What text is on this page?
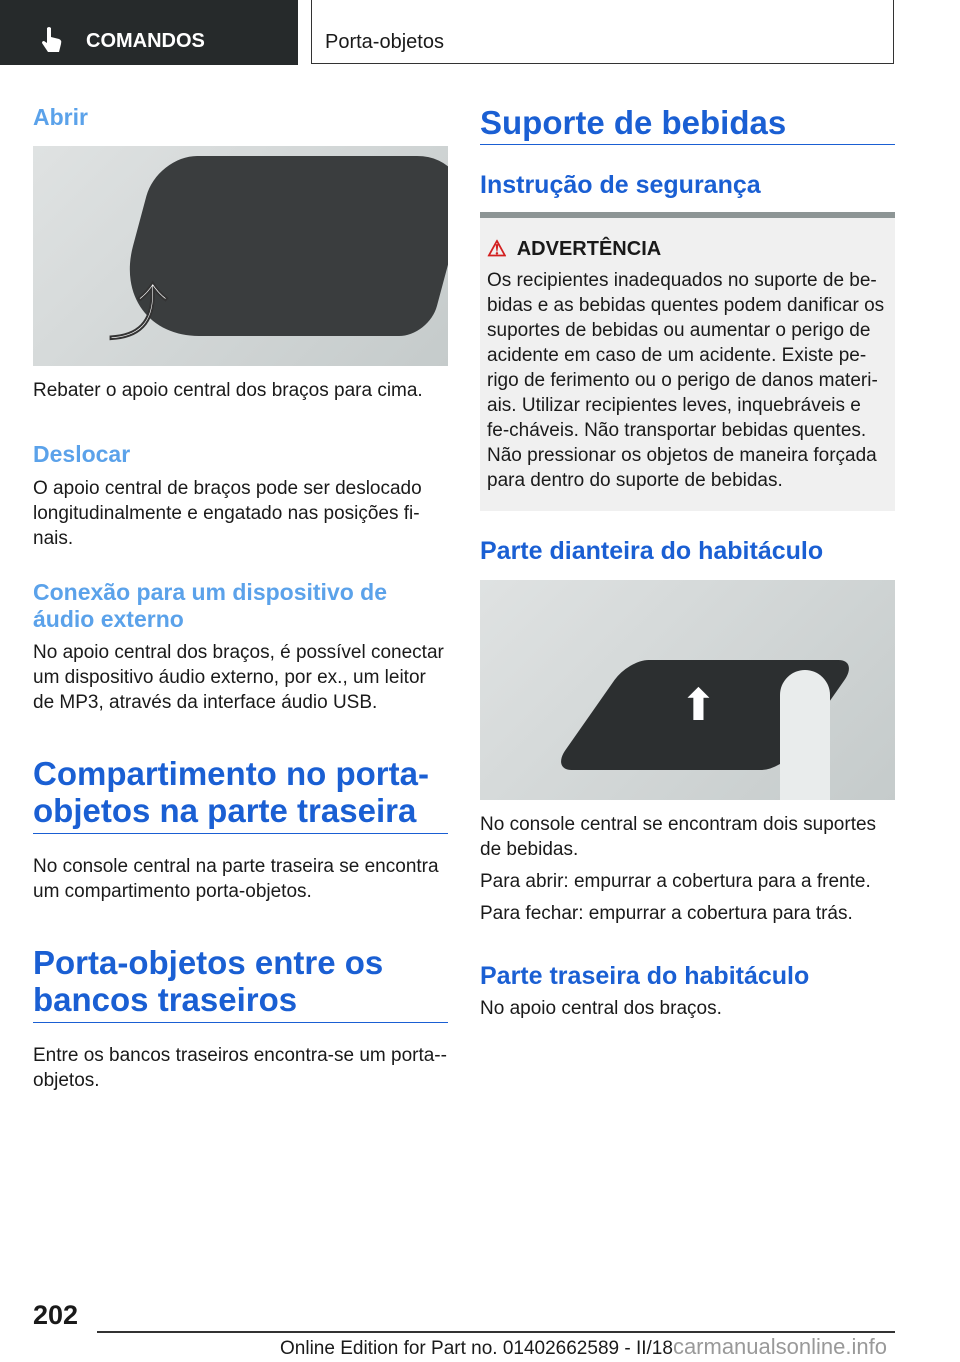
COMANDOS	Porta-objetos
Abrir
⤴

Rebater o apoio central dos braços para cima.

Deslocar

O apoio central de braços pode ser deslocado longitudinalmente e engatado nas posições fi-nais.

Conexão para um dispositivo de áudio externo

No apoio central dos braços, é possível conectar um dispositivo áudio externo, por ex., um leitor de MP3, através da interface áudio USB.

Compartimento no porta-objetos na parte traseira

No console central na parte traseira se encontra um compartimento porta-objetos.

Porta-objetos entre os bancos traseiros

Entre os bancos traseiros encontra-se um porta--objetos.

Suporte de bebidas
Instrução de segurança
⚠ ADVERTÊNCIA

Os recipientes inadequados no suporte de be-bidas e as bebidas quentes podem danificar os suportes de bebidas ou aumentar o perigo de acidente em caso de um acidente. Existe pe-rigo de ferimento ou o perigo de danos materi-ais. Utilizar recipientes leves, inquebráveis e fe-cháveis. Não transportar bebidas quentes. Não pressionar os objetos de maneira forçada para dentro do suporte de bebidas.

Parte dianteira do habitáculo
⬆

No console central se encontram dois suportes de bebidas.

Para abrir: empurrar a cobertura para a frente.

Para fechar: empurrar a cobertura para trás.

Parte traseira do habitáculo

No apoio central dos braços.

202
Online Edition for Part no. 01402662589 - II/18carmanualsonline.info
